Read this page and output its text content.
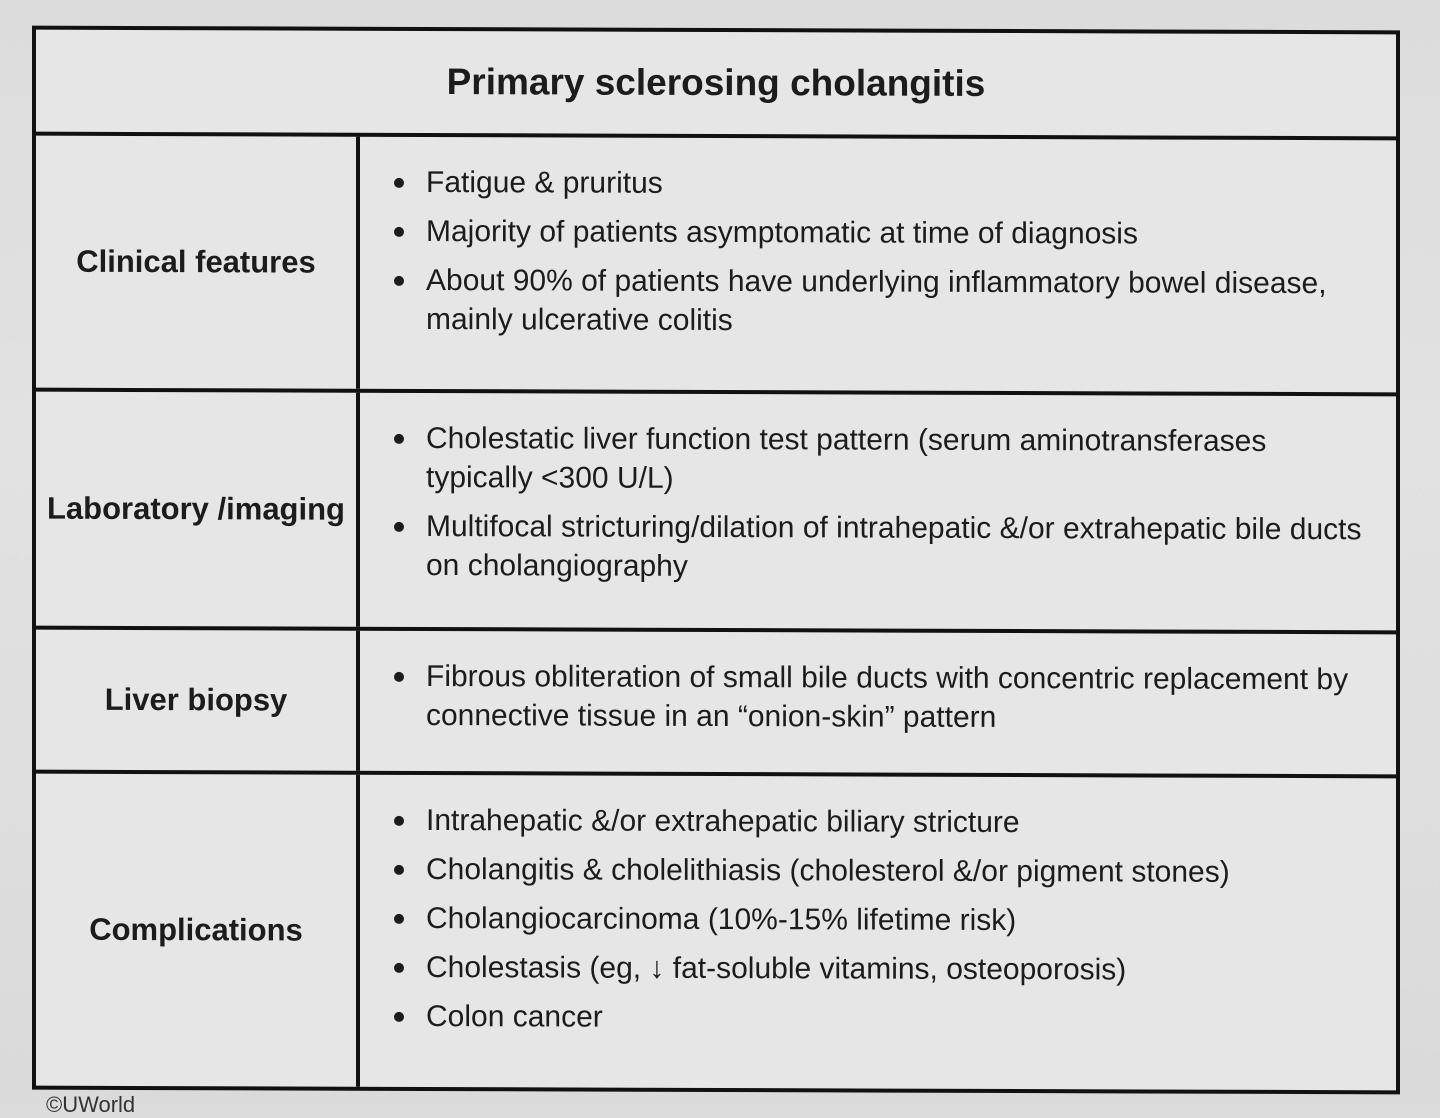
Primary sclerosing cholangitis
Clinical features
Fatigue & pruritus
Majority of patients asymptomatic at time of diagnosis
About 90% of patients have underlying inflammatory bowel disease, mainly ulcerative colitis
Laboratory /imaging
Cholestatic liver function test pattern (serum aminotransferases typically <300 U/L)
Multifocal stricturing/dilation of intrahepatic &/or extrahepatic bile ducts on cholangiography
Liver biopsy
Fibrous obliteration of small bile ducts with concentric replacement by connective tissue in an “onion-skin” pattern
Complications
Intrahepatic &/or extrahepatic biliary stricture
Cholangitis & cholelithiasis (cholesterol &/or pigment stones)
Cholangiocarcinoma (10%-15% lifetime risk)
Cholestasis (eg, ↓ fat-soluble vitamins, osteoporosis)
Colon cancer
©UWorld
